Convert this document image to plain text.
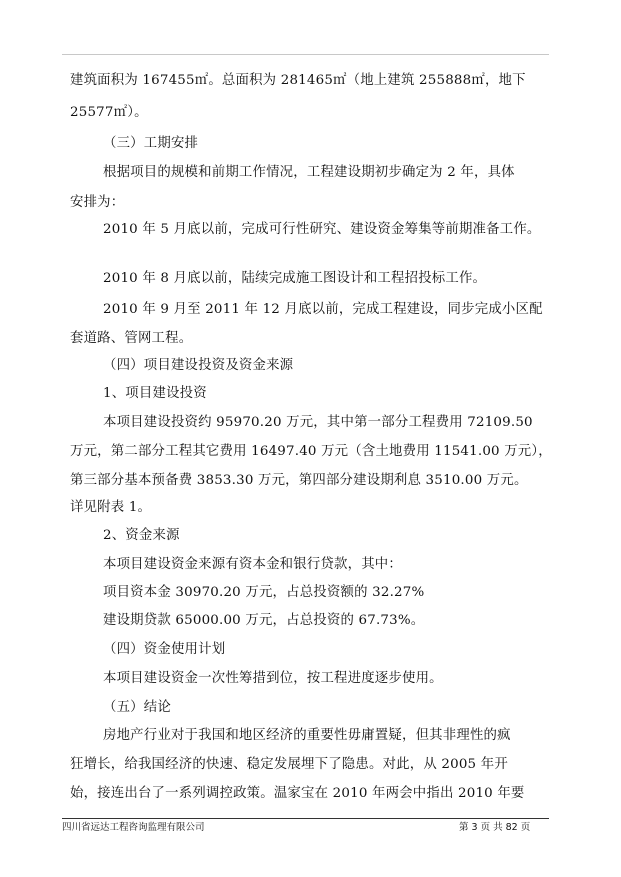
建筑面积为 167455㎡。总面积为 281465㎡（地上建筑 255888㎡，地下
25577㎡）。
（三）工期安排
根据项目的规模和前期工作情况，工程建设期初步确定为 2 年，具体
安排为：
2010 年 5 月底以前，完成可行性研究、建设资金筹集等前期准备工作。
2010 年 8 月底以前，陆续完成施工图设计和工程招投标工作。
2010 年 9 月至 2011 年 12 月底以前，完成工程建设，同步完成小区配
套道路、管网工程。
（四）项目建设投资及资金来源
1、项目建设投资
本项目建设投资约 95970.20 万元，其中第一部分工程费用 72109.50
万元，第二部分工程其它费用 16497.40 万元（含土地费用 11541.00 万元），
第三部分基本预备费 3853.30 万元，第四部分建设期利息 3510.00 万元。
详见附表 1。
2、资金来源
本项目建设资金来源有资本金和银行贷款，其中：
项目资本金 30970.20 万元，占总投资额的 32.27%
建设期贷款 65000.00 万元，占总投资的 67.73%。
（四）资金使用计划
本项目建设资金一次性筹措到位，按工程进度逐步使用。
（五）结论
房地产行业对于我国和地区经济的重要性毋庸置疑，但其非理性的疯
狂增长，给我国经济的快速、稳定发展埋下了隐患。对此，从 2005 年开
始，接连出台了一系列调控政策。温家宝在 2010 年两会中指出 2010 年要
四川省远达工程咨询监理有限公司	第 3 页 共 82 页
